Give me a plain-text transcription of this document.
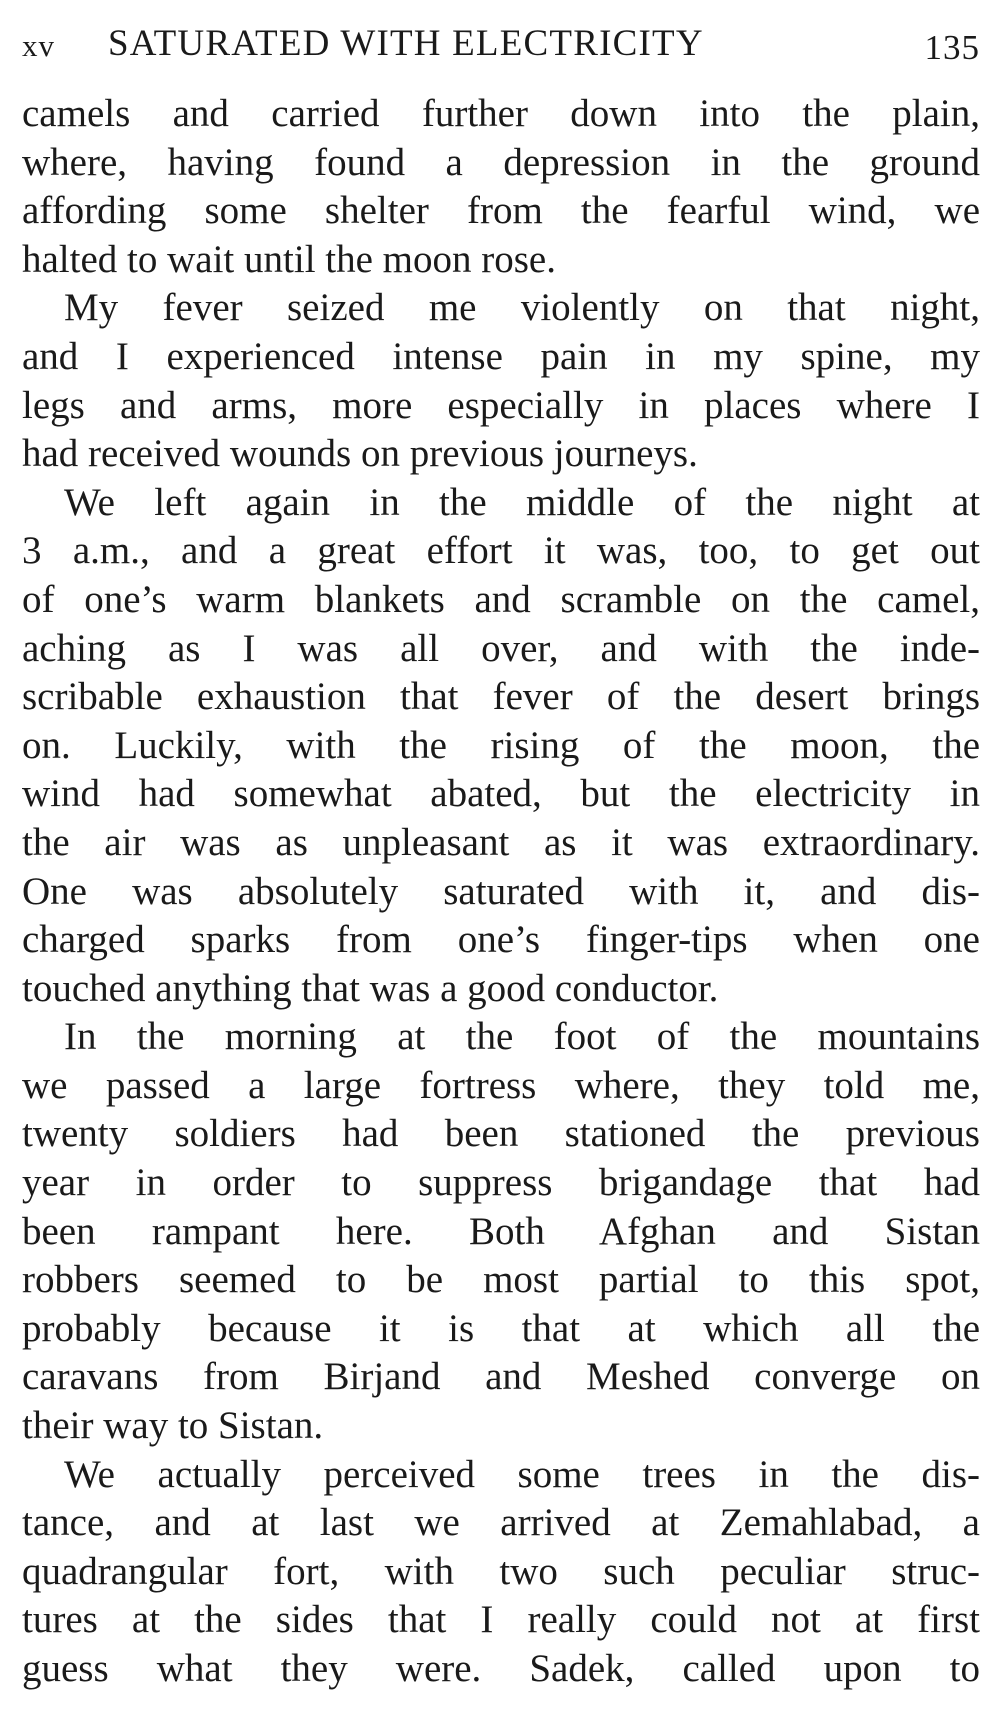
xv SATURATED WITH ELECTRICITY	135
camels and carried further down into the plain,
where, having found a depression in the ground
affording some shelter from the fearful wind, we
halted to wait until the moon rose.
My fever seized me violently on that night,
and I experienced intense pain in my spine, my
legs and arms, more especially in places where I
had received wounds on previous journeys.
We left again in the middle of the night at
3 a.m., and a great effort it was, too, to get out
of one’s warm blankets and scramble on the camel,
aching as I was all over, and with the inde-
scribable exhaustion that fever of the desert brings
on. Luckily, with the rising of the moon, the
wind had somewhat abated, but the electricity in
the air was as unpleasant as it was extraordinary.
One was absolutely saturated with it, and dis-
charged sparks from one’s finger-tips when one
touched anything that was a good conductor.
In the morning at the foot of the mountains
we passed a large fortress where, they told me,
twenty soldiers had been stationed the previous
year in order to suppress brigandage that had
been rampant here. Both Afghan and Sistan
robbers seemed to be most partial to this spot,
probably because it is that at which all the
caravans from Birjand and Meshed converge on
their way to Sistan.
We actually perceived some trees in the dis-
tance, and at last we arrived at Zemahlabad, a
quadrangular fort, with two such peculiar struc-
tures at the sides that I really could not at first
guess what they were. Sadek, called upon to
